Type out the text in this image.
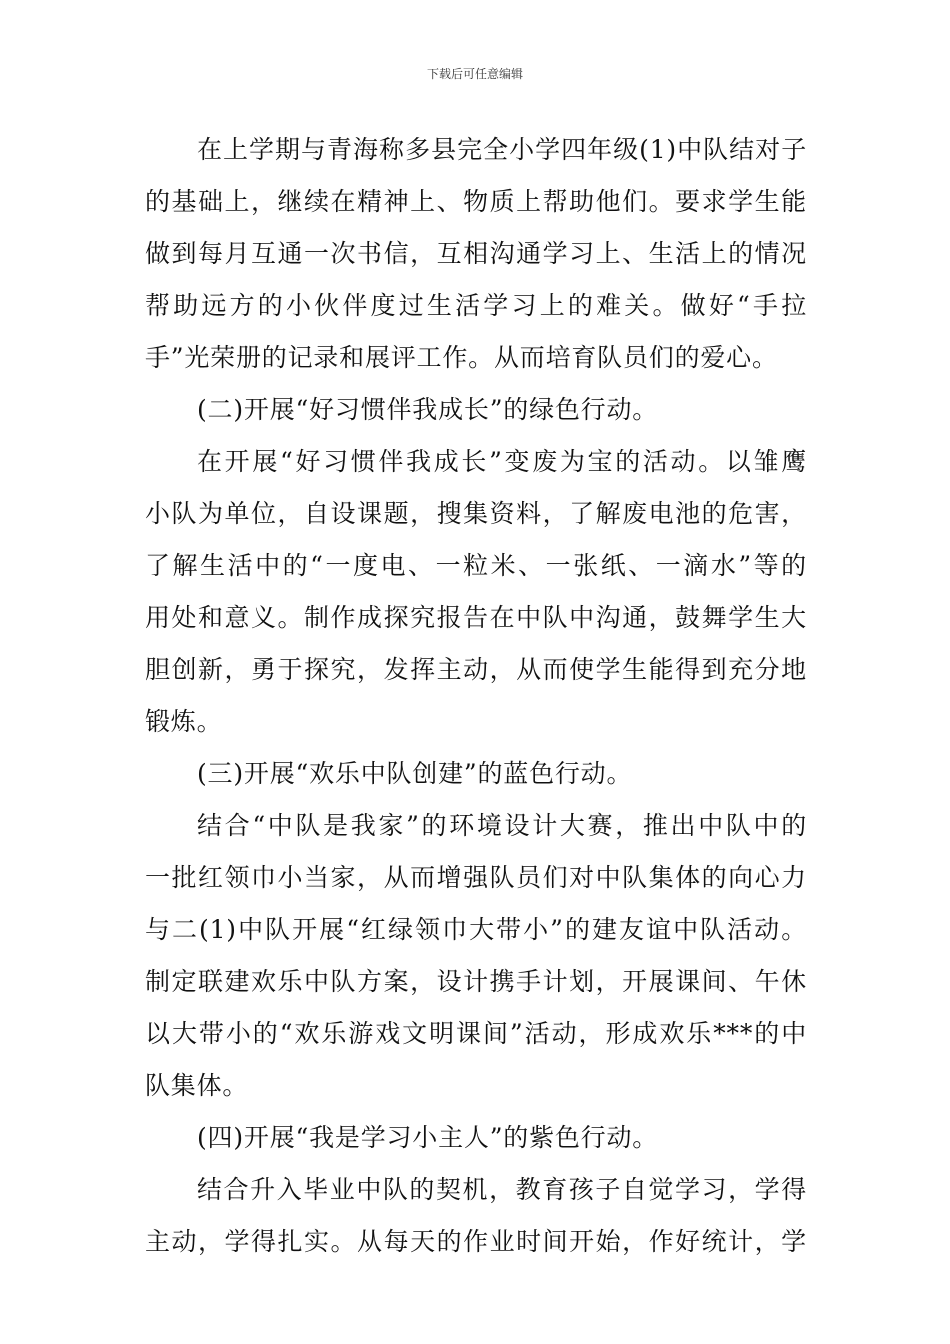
下载后可任意编辑
在上学期与青海称多县完全小学四年级(1)中队结对子
的基础上，继续在精神上、物质上帮助他们。要求学生能
做到每月互通一次书信，互相沟通学习上、生活上的情况
帮助远方的小伙伴度过生活学习上的难关。做好“手拉
手”光荣册的记录和展评工作。从而培育队员们的爱心。
(二)开展“好习惯伴我成长”的绿色行动。
在开展“好习惯伴我成长”变废为宝的活动。以雏鹰
小队为单位，自设课题，搜集资料，了解废电池的危害，
了解生活中的“一度电、一粒米、一张纸、一滴水”等的
用处和意义。制作成探究报告在中队中沟通，鼓舞学生大
胆创新，勇于探究，发挥主动，从而使学生能得到充分地
锻炼。
(三)开展“欢乐中队创建”的蓝色行动。
结合“中队是我家”的环境设计大赛，推出中队中的
一批红领巾小当家，从而增强队员们对中队集体的向心力
与二(1)中队开展“红绿领巾大带小”的建友谊中队活动。
制定联建欢乐中队方案，设计携手计划，开展课间、午休
以大带小的“欢乐游戏文明课间”活动，形成欢乐***的中
队集体。
(四)开展“我是学习小主人”的紫色行动。
结合升入毕业中队的契机，教育孩子自觉学习，学得
主动，学得扎实。从每天的作业时间开始，作好统计，学
